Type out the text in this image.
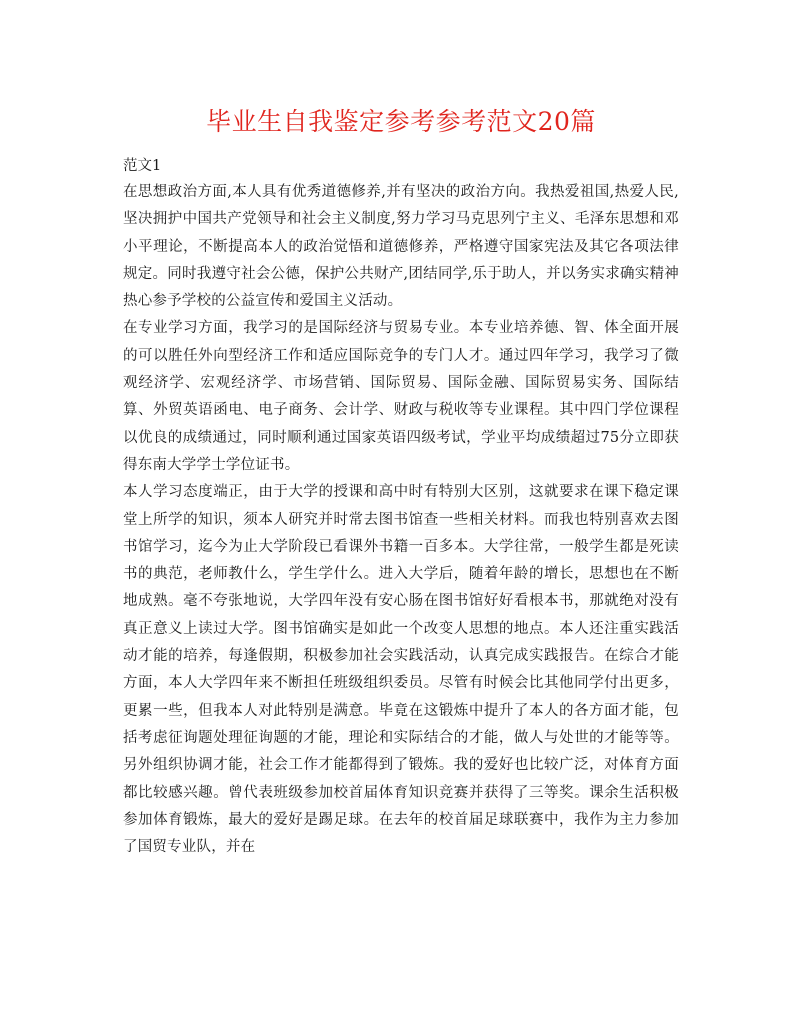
毕业生自我鉴定参考参考范文20篇

范文1

在思想政治方面,本人具有优秀道德修养,并有坚决的政治方向。我热爱祖国,热爱人民,坚决拥护中国共产党领导和社会主义制度,努力学习马克思列宁主义、毛泽东思想和邓小平理论，不断提高本人的政治觉悟和道德修养，严格遵守国家宪法及其它各项法律规定。同时我遵守社会公德，保护公共财产,团结同学,乐于助人，并以务实求确实精神热心参予学校的公益宣传和爱国主义活动。

在专业学习方面，我学习的是国际经济与贸易专业。本专业培养德、智、体全面开展的可以胜任外向型经济工作和适应国际竞争的专门人才。通过四年学习，我学习了微观经济学、宏观经济学、市场营销、国际贸易、国际金融、国际贸易实务、国际结算、外贸英语函电、电子商务、会计学、财政与税收等专业课程。其中四门学位课程以优良的成绩通过，同时顺利通过国家英语四级考试，学业平均成绩超过75分立即获得东南大学学士学位证书。

本人学习态度端正，由于大学的授课和高中时有特别大区别，这就要求在课下稳定课堂上所学的知识，须本人研究并时常去图书馆查一些相关材料。而我也特别喜欢去图书馆学习，迄今为止大学阶段已看课外书籍一百多本。大学往常，一般学生都是死读书的典范，老师教什么，学生学什么。进入大学后，随着年龄的增长，思想也在不断地成熟。毫不夸张地说，大学四年没有安心肠在图书馆好好看根本书，那就绝对没有真正意义上读过大学。图书馆确实是如此一个改变人思想的地点。本人还注重实践活动才能的培养，每逢假期，积极参加社会实践活动，认真完成实践报告。在综合才能方面，本人大学四年来不断担任班级组织委员。尽管有时候会比其他同学付出更多，更累一些，但我本人对此特别是满意。毕竟在这锻炼中提升了本人的各方面才能，包括考虑征询题处理征询题的才能，理论和实际结合的才能，做人与处世的才能等等。另外组织协调才能，社会工作才能都得到了锻炼。我的爱好也比较广泛，对体育方面都比较感兴趣。曾代表班级参加校首届体育知识竞赛并获得了三等奖。课余生活积极参加体育锻炼，最大的爱好是踢足球。在去年的校首届足球联赛中，我作为主力参加了国贸专业队，并在
